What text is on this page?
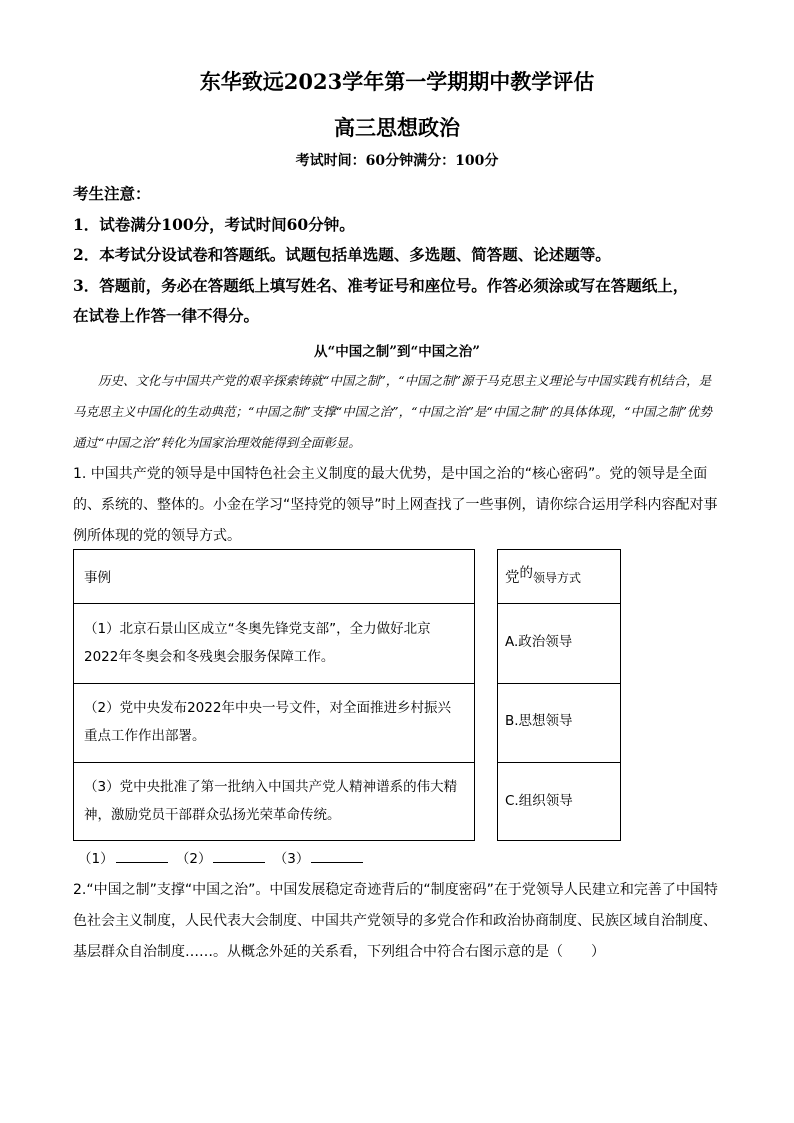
东华致远2023学年第一学期期中教学评估
高三思想政治
考试时间：60分钟满分：100分
考生注意：
1．试卷满分100分，考试时间60分钟。
2．本考试分设试卷和答题纸。试题包括单选题、多选题、简答题、论述题等。
3．答题前，务必在答题纸上填写姓名、准考证号和座位号。作答必须涂或写在答题纸上，
在试卷上作答一律不得分。
从“中国之制”到“中国之治”

历史、文化与中国共产党的艰辛探索铸就“中国之制”，“中国之制”源于马克思主义理论与中国实践有机结合，是马克思主义中国化的生动典范；“中国之制”支撑“中国之治”，“中国之治”是“中国之制”的具体体现，“中国之制”优势通过“中国之治”转化为国家治理效能得到全面彰显。

1. 中国共产党的领导是中国特色社会主义制度的最大优势，是中国之治的“核心密码”。党的领导是全面的、系统的、整体的。小金在学习“坚持党的领导”时上网查找了一些事例，请你综合运用学科内容配对事例所体现的党的领导方式。

事例

（1）北京石景山区成立“冬奥先锋党支部”，全力做好北京2022年冬奥会和冬残奥会服务保障工作。

（2）党中央发布2022年中央一号文件，对全面推进乡村振兴重点工作作出部署。

（3）党中央批准了第一批纳入中国共产党人精神谱系的伟大精神，激励党员干部群众弘扬光荣革命传统。

党的领导方式

A.政治领导

B.思想领导

C.组织领导

（1）	（2）	（3）

2.“中国之制”支撑“中国之治”。中国发展稳定奇迹背后的“制度密码”在于党领导人民建立和完善了中国特色社会主义制度，人民代表大会制度、中国共产党领导的多党合作和政治协商制度、民族区域自治制度、基层群众自治制度……。从概念外延的关系看，下列组合中符合右图示意的是（　　）
